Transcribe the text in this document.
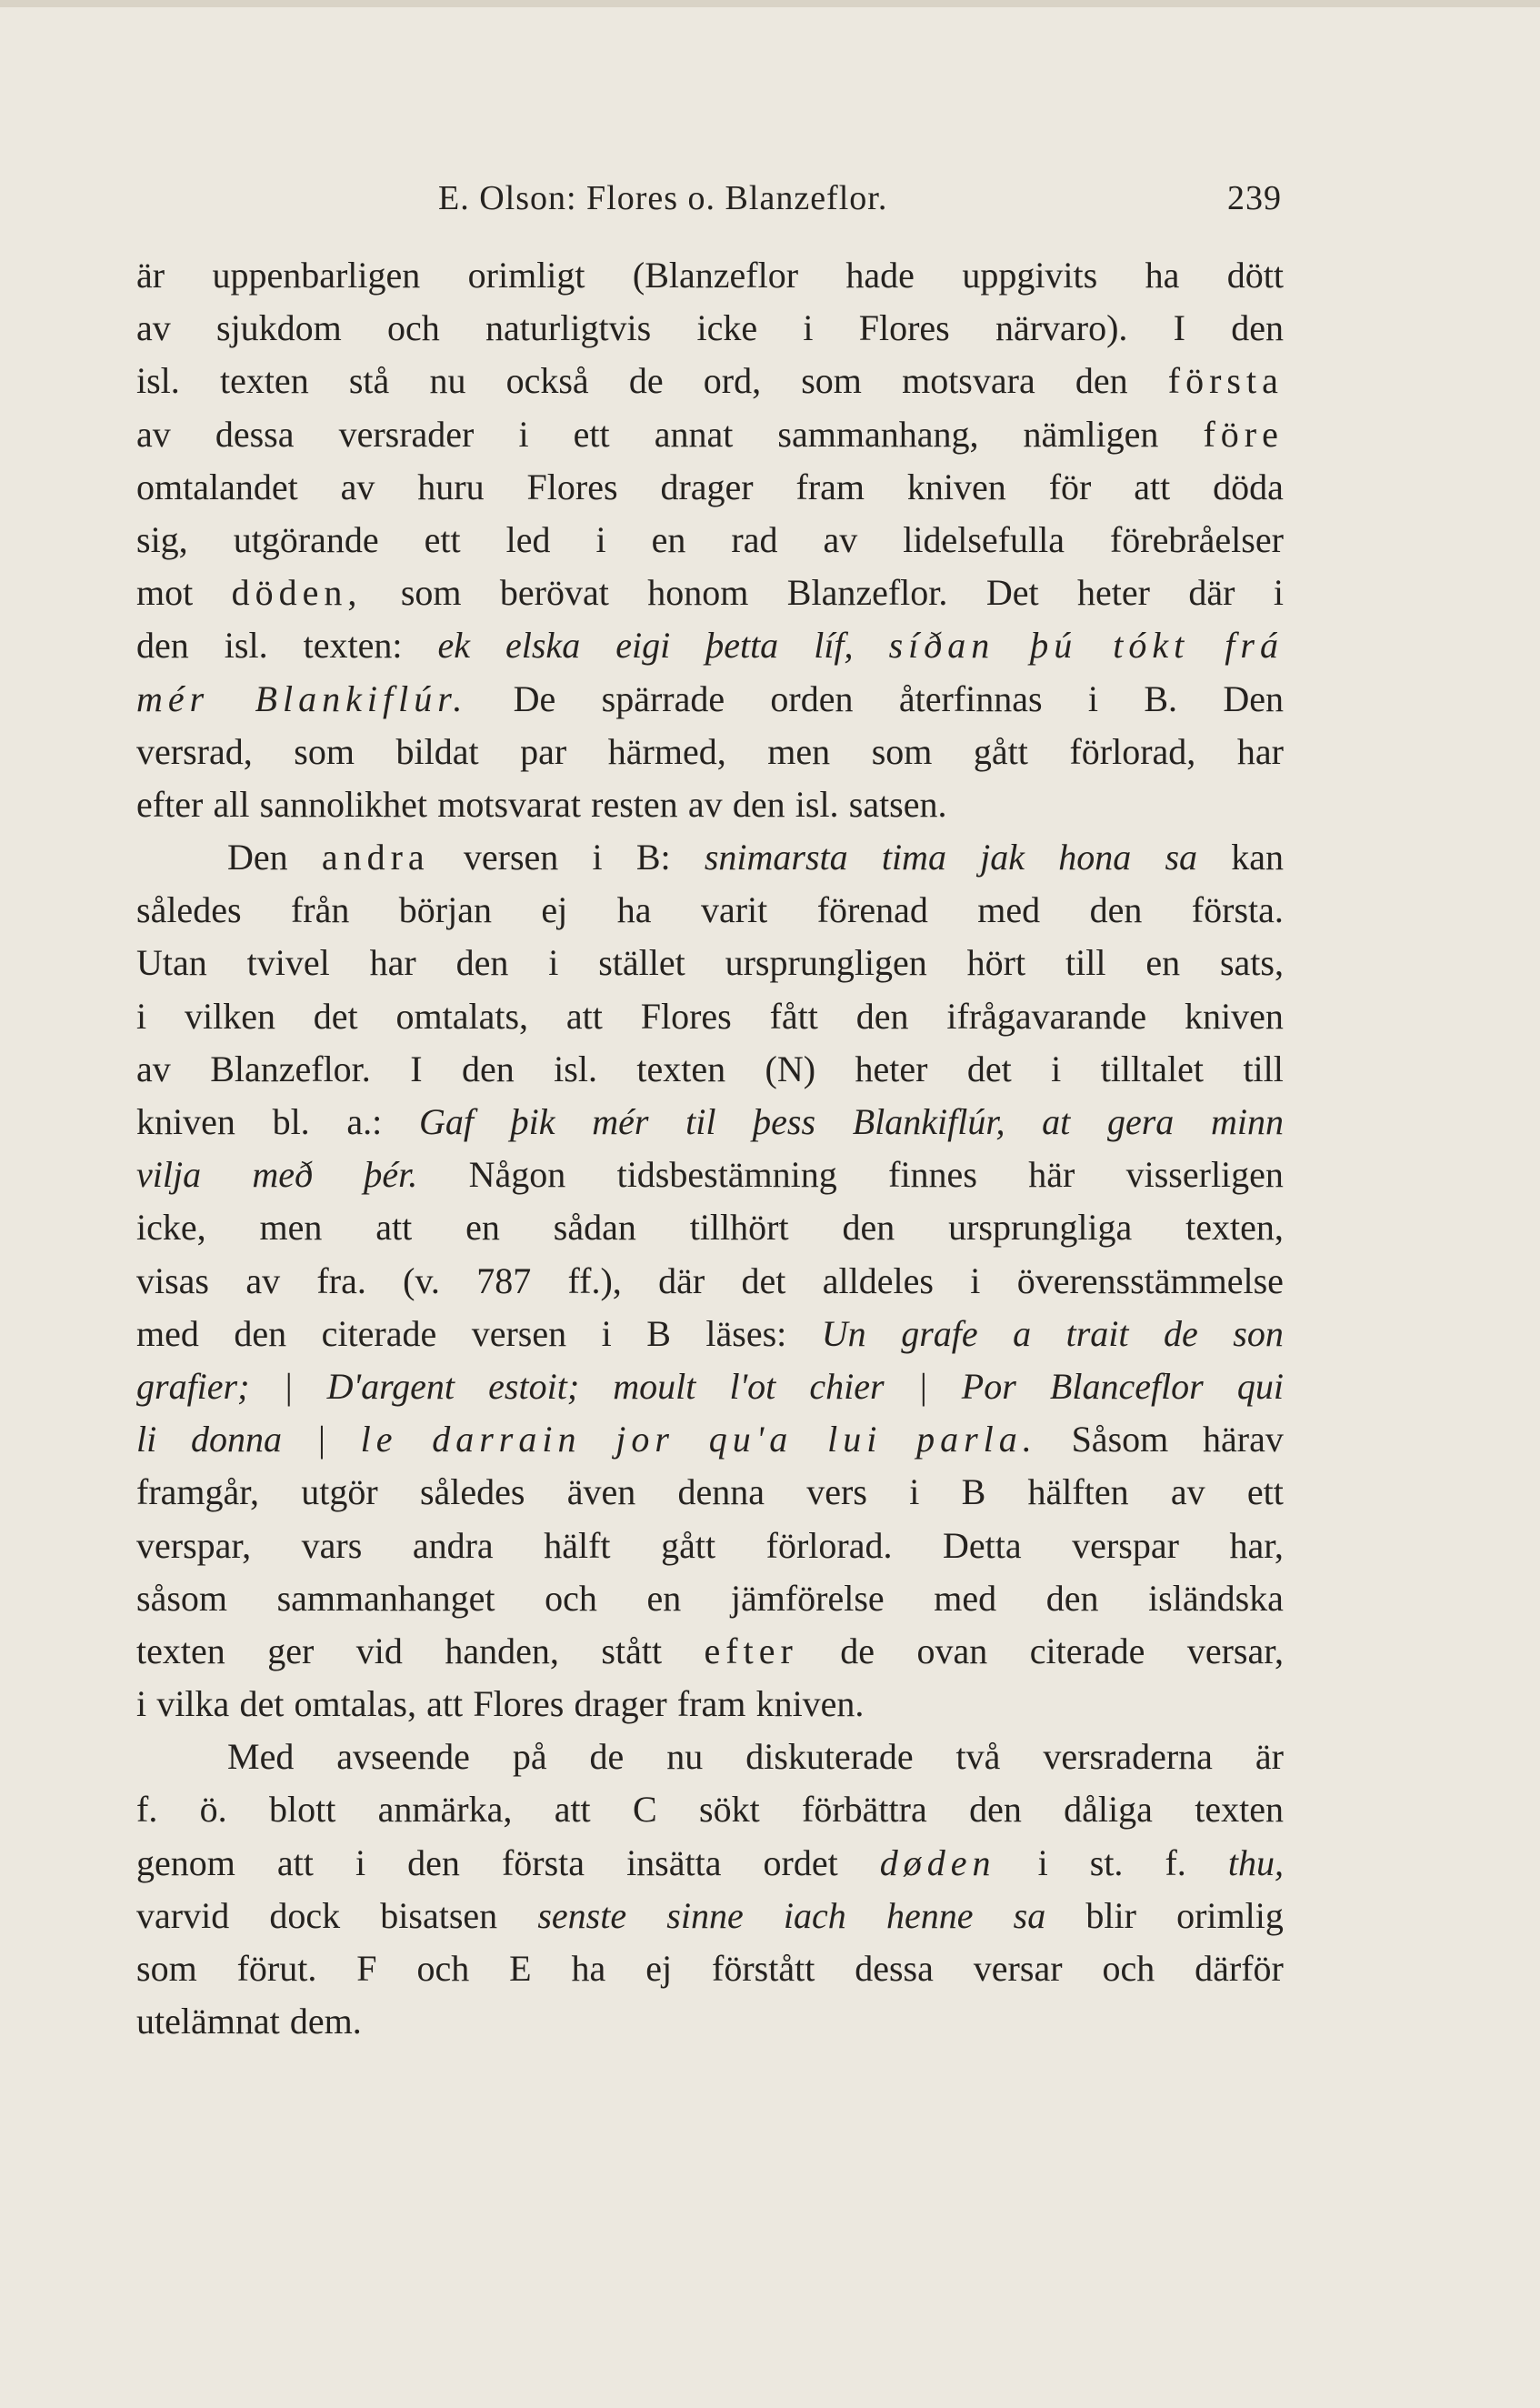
E. Olson: Flores o. Blanzeflor.	239
är uppenbarligen orimligt (Blanzeflor hade uppgivits ha dött
av sjukdom och naturligtvis icke i Flores närvaro). I den
isl. texten stå nu också de ord, som motsvara den första
av dessa versrader i ett annat sammanhang, nämligen före
omtalandet av huru Flores drager fram kniven för att döda
sig, utgörande ett led i en rad av lidelsefulla förebråelser
mot döden, som berövat honom Blanzeflor. Det heter där i
den isl. texten: ek elska eigi þetta líf, síðan þú tókt frá
mér Blankiflúr. De spärrade orden återfinnas i B. Den
versrad, som bildat par härmed, men som gått förlorad, har
efter all sannolikhet motsvarat resten av den isl. satsen.
Den andra versen i B: snimarsta tima jak hona sa kan
således från början ej ha varit förenad med den första.
Utan tvivel har den i stället ursprungligen hört till en sats,
i vilken det omtalats, att Flores fått den ifrågavarande kniven
av Blanzeflor. I den isl. texten (N) heter det i tilltalet till
kniven bl. a.: Gaf þik mér til þess Blankiflúr, at gera minn
vilja með þér. Någon tidsbestämning finnes här visserligen
icke, men att en sådan tillhört den ursprungliga texten,
visas av fra. (v. 787 ff.), där det alldeles i överensstämmelse
med den citerade versen i B läses: Un grafe a trait de son
grafier; | D'argent estoit; moult l'ot chier | Por Blanceflor qui
li donna | le darrain jor qu'a lui parla. Såsom härav
framgår, utgör således även denna vers i B hälften av ett
verspar, vars andra hälft gått förlorad. Detta verspar har,
såsom sammanhanget och en jämförelse med den isländska
texten ger vid handen, stått efter de ovan citerade versar,
i vilka det omtalas, att Flores drager fram kniven.
Med avseende på de nu diskuterade två versraderna är
f. ö. blott anmärka, att C sökt förbättra den dåliga texten
genom att i den första insätta ordet døden i st. f. thu,
varvid dock bisatsen senste sinne iach henne sa blir orimlig
som förut. F och E ha ej förstått dessa versar och därför
utelämnat dem.
